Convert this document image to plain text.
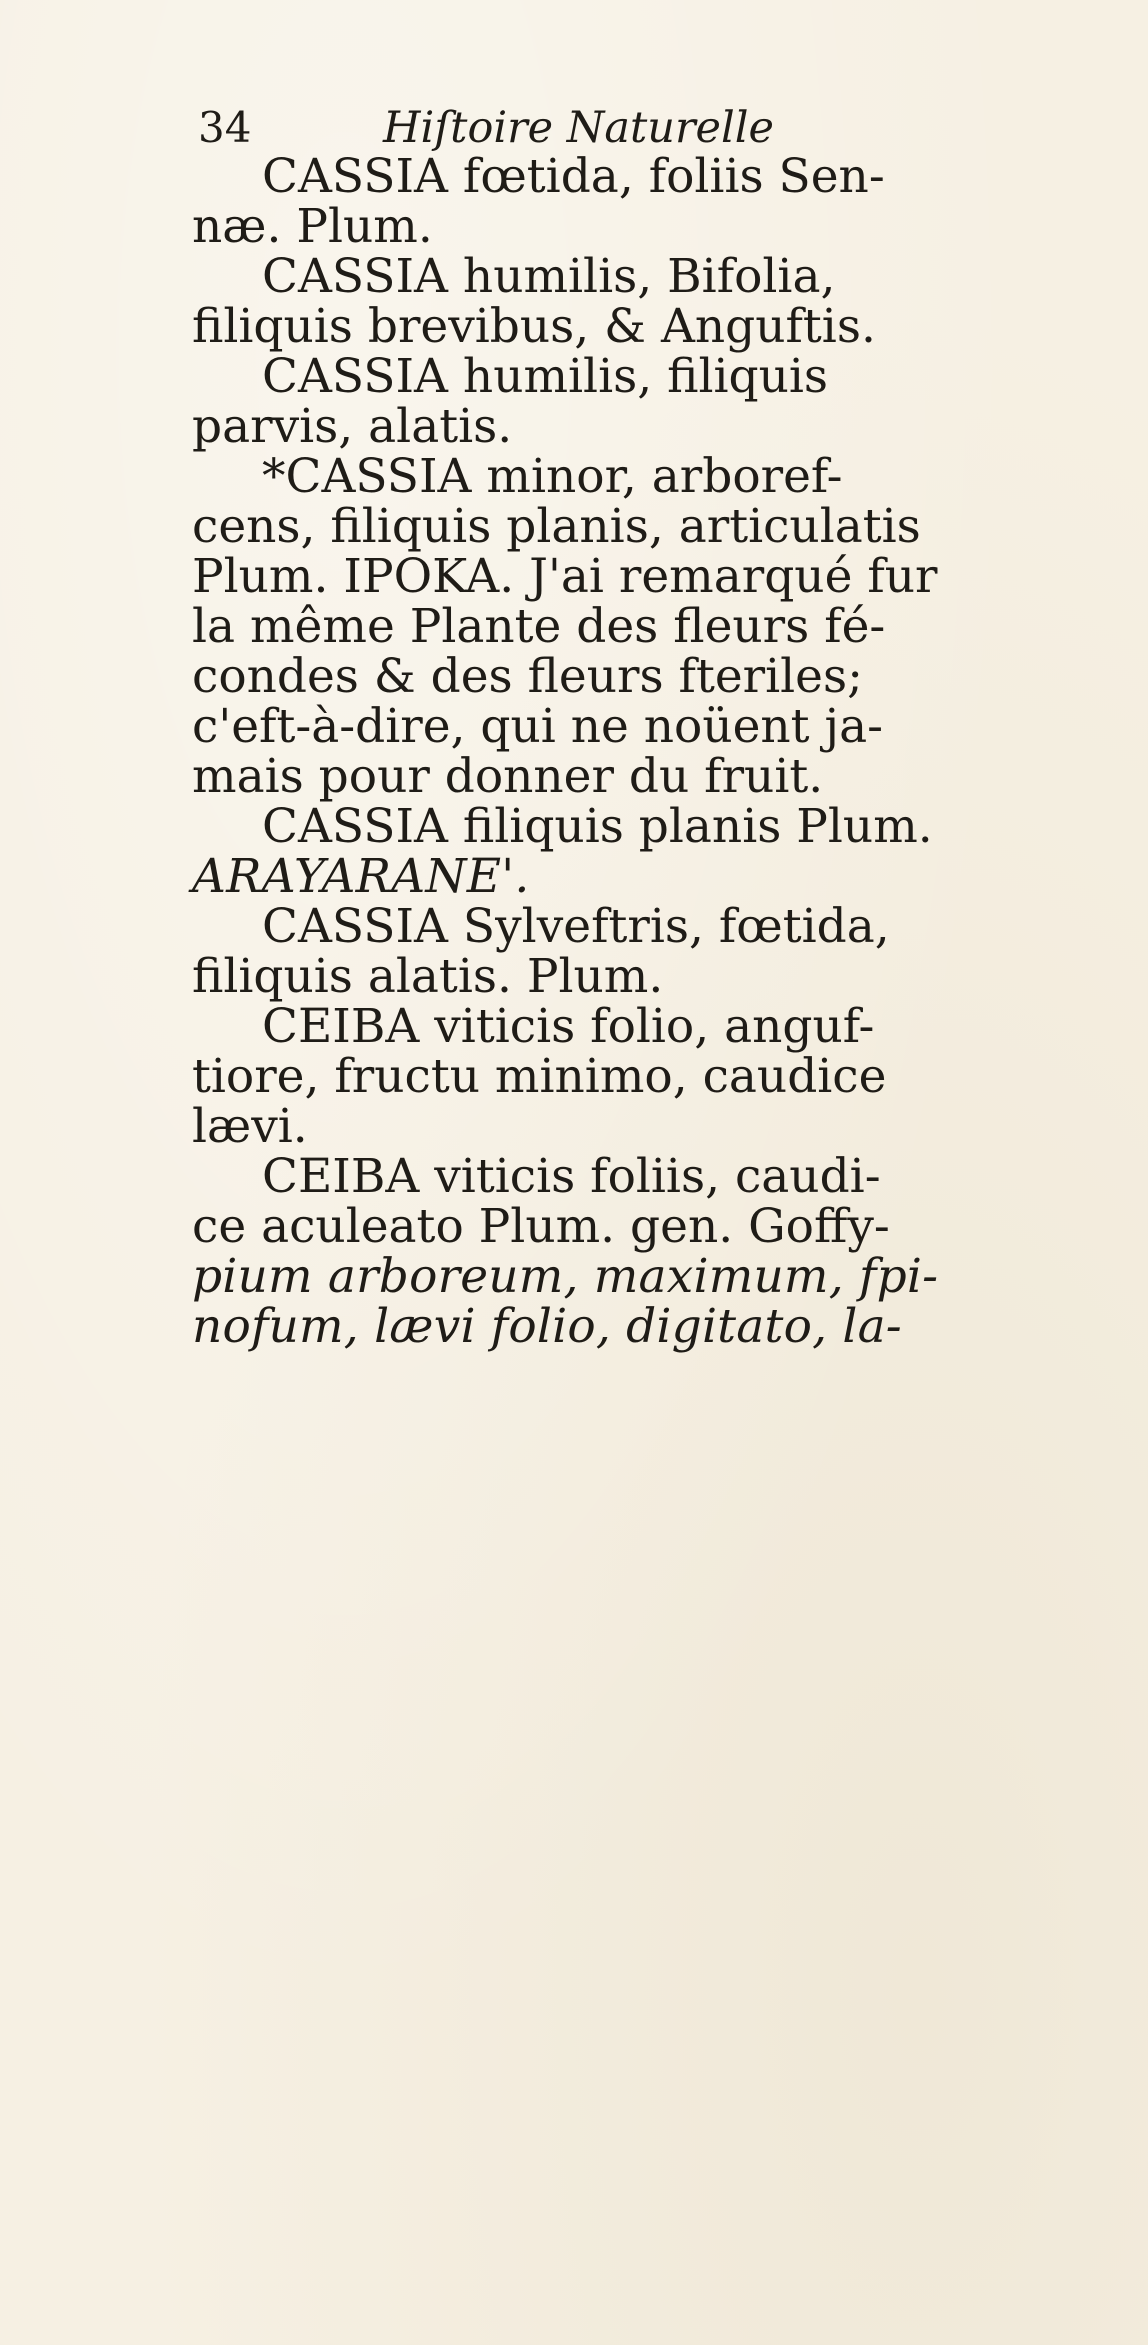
34	Hiſtoire Naturelle
CASSIA fœtida, foliis Sen-
næ. Plum.
CASSIA humilis, Bifolia,
filiquis brevibus, & Anguftis.
CASSIA humilis, filiquis
parvis, alatis.
*CASSIA minor, arboref-
cens, filiquis planis, articulatis
Plum. IPOKA. J'ai remarqué fur
la même Plante des fleurs fé-
condes & des fleurs fteriles;
c'eft-à-dire, qui ne noüent ja-
mais pour donner du fruit.
CASSIA filiquis planis Plum.
ARAYARANE'.
CASSIA Sylveftris, fœtida,
filiquis alatis. Plum.
CEIBA viticis folio, anguf-
tiore, fructu minimo, caudice
lævi.
CEIBA viticis foliis, caudi-
ce aculeato Plum. gen. Goffy-
pium arboreum, maximum, fpi-
nofum, lævi folio, digitato, la-
